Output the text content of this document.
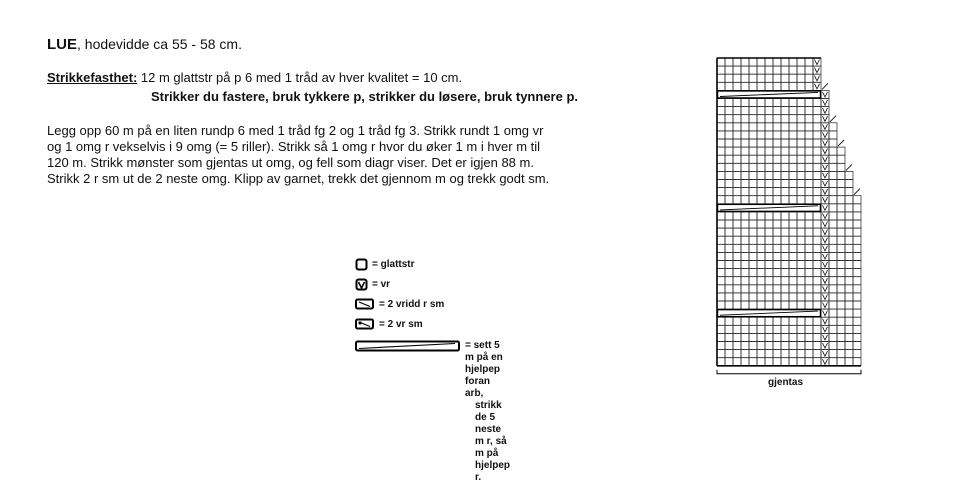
LUE, hodevidde ca 55 - 58 cm.
Strikkefasthet: 12 m glattstr på p 6 med 1 tråd av hver kvalitet = 10 cm.
Strikker du fastere, bruk tykkere p, strikker du løsere, bruk tynnere p.
Legg opp 60 m på en liten rundp 6 med 1 tråd fg 2 og 1 tråd fg 3. Strikk rundt 1 omg vr
og 1 omg r vekselvis i 9 omg (= 5 riller). Strikk så 1 omg r hvor du øker 1 m i hver m til
120 m. Strikk mønster som gjentas ut omg, og fell som diagr viser. Det er igjen 88 m.
Strikk 2 r sm ut de 2 neste omg. Klipp av garnet, trekk det gjennom m og trekk godt sm.
= glattstr
= vr
= 2 vridd r sm
= 2 vr sm
= sett 5 m på en hjelpep foran arb,
strikk de 5 neste m r, så m på
hjelpep r.
gjentas
